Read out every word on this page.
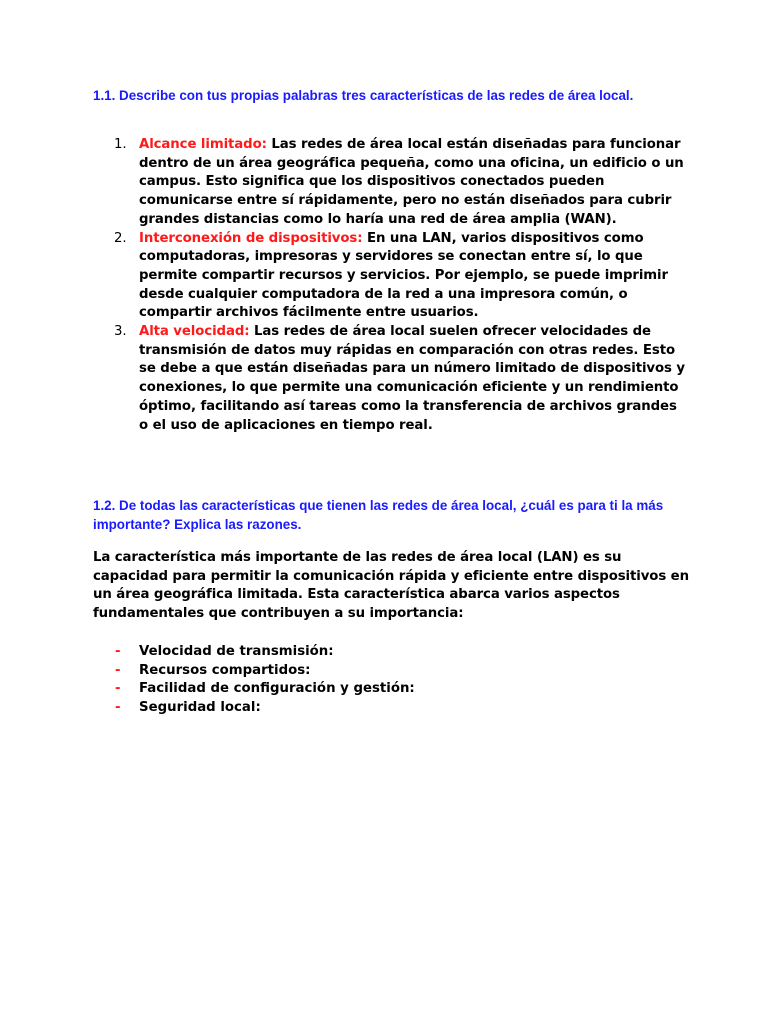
1.1. Describe con tus propias palabras tres características de las redes de área local.

1. Alcance limitado: Las redes de área local están diseñadas para funcionar dentro de un área geográfica pequeña, como una oficina, un edificio o un campus. Esto significa que los dispositivos conectados pueden comunicarse entre sí rápidamente, pero no están diseñados para cubrir grandes distancias como lo haría una red de área amplia (WAN).
2. Interconexión de dispositivos: En una LAN, varios dispositivos como computadoras, impresoras y servidores se conectan entre sí, lo que permite compartir recursos y servicios. Por ejemplo, se puede imprimir desde cualquier computadora de la red a una impresora común, o compartir archivos fácilmente entre usuarios.
3. Alta velocidad: Las redes de área local suelen ofrecer velocidades de transmisión de datos muy rápidas en comparación con otras redes. Esto se debe a que están diseñadas para un número limitado de dispositivos y conexiones, lo que permite una comunicación eficiente y un rendimiento óptimo, facilitando así tareas como la transferencia de archivos grandes o el uso de aplicaciones en tiempo real.

1.2. De todas las características que tienen las redes de área local, ¿cuál es para ti la más importante? Explica las razones.

La característica más importante de las redes de área local (LAN) es su capacidad para permitir la comunicación rápida y eficiente entre dispositivos en un área geográfica limitada. Esta característica abarca varios aspectos fundamentales que contribuyen a su importancia:

- Velocidad de transmisión:
- Recursos compartidos:
- Facilidad de configuración y gestión:
- Seguridad local:
